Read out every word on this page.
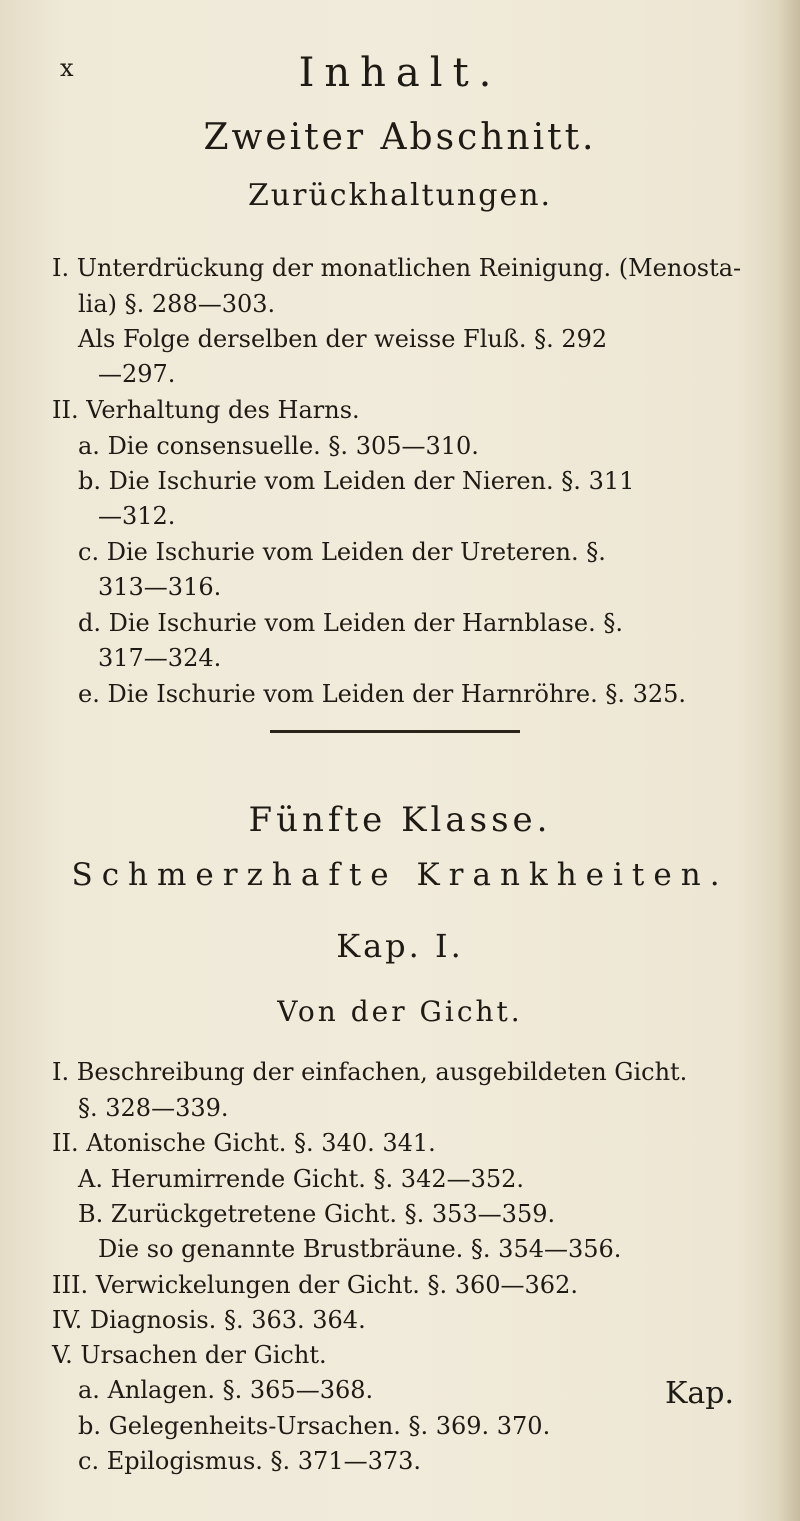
x	Inhalt.
Zweiter Abschnitt.
Zurückhaltungen.
I. Unterdrückung der monatlichen Reinigung. (Menosta-
lia) §. 288—303.
Als Folge derselben der weisse Fluß. §. 292
—297.
II. Verhaltung des Harns.
a. Die consensuelle. §. 305—310.
b. Die Ischurie vom Leiden der Nieren. §. 311
—312.
c. Die Ischurie vom Leiden der Ureteren. §.
313—316.
d. Die Ischurie vom Leiden der Harnblase. §.
317—324.
e. Die Ischurie vom Leiden der Harnröhre. §. 325.
Fünfte Klasse.
Schmerzhafte Krankheiten.
Kap. I.
Von der Gicht.
I. Beschreibung der einfachen, ausgebildeten Gicht.
§. 328—339.
II. Atonische Gicht. §. 340. 341.
A. Herumirrende Gicht. §. 342—352.
B. Zurückgetretene Gicht. §. 353—359.
Die so genannte Brustbräune. §. 354—356.
III. Verwickelungen der Gicht. §. 360—362.
IV. Diagnosis. §. 363. 364.
V. Ursachen der Gicht.
a. Anlagen. §. 365—368.
b. Gelegenheits-Ursachen. §. 369. 370.
c. Epilogismus. §. 371—373.
Kap.
